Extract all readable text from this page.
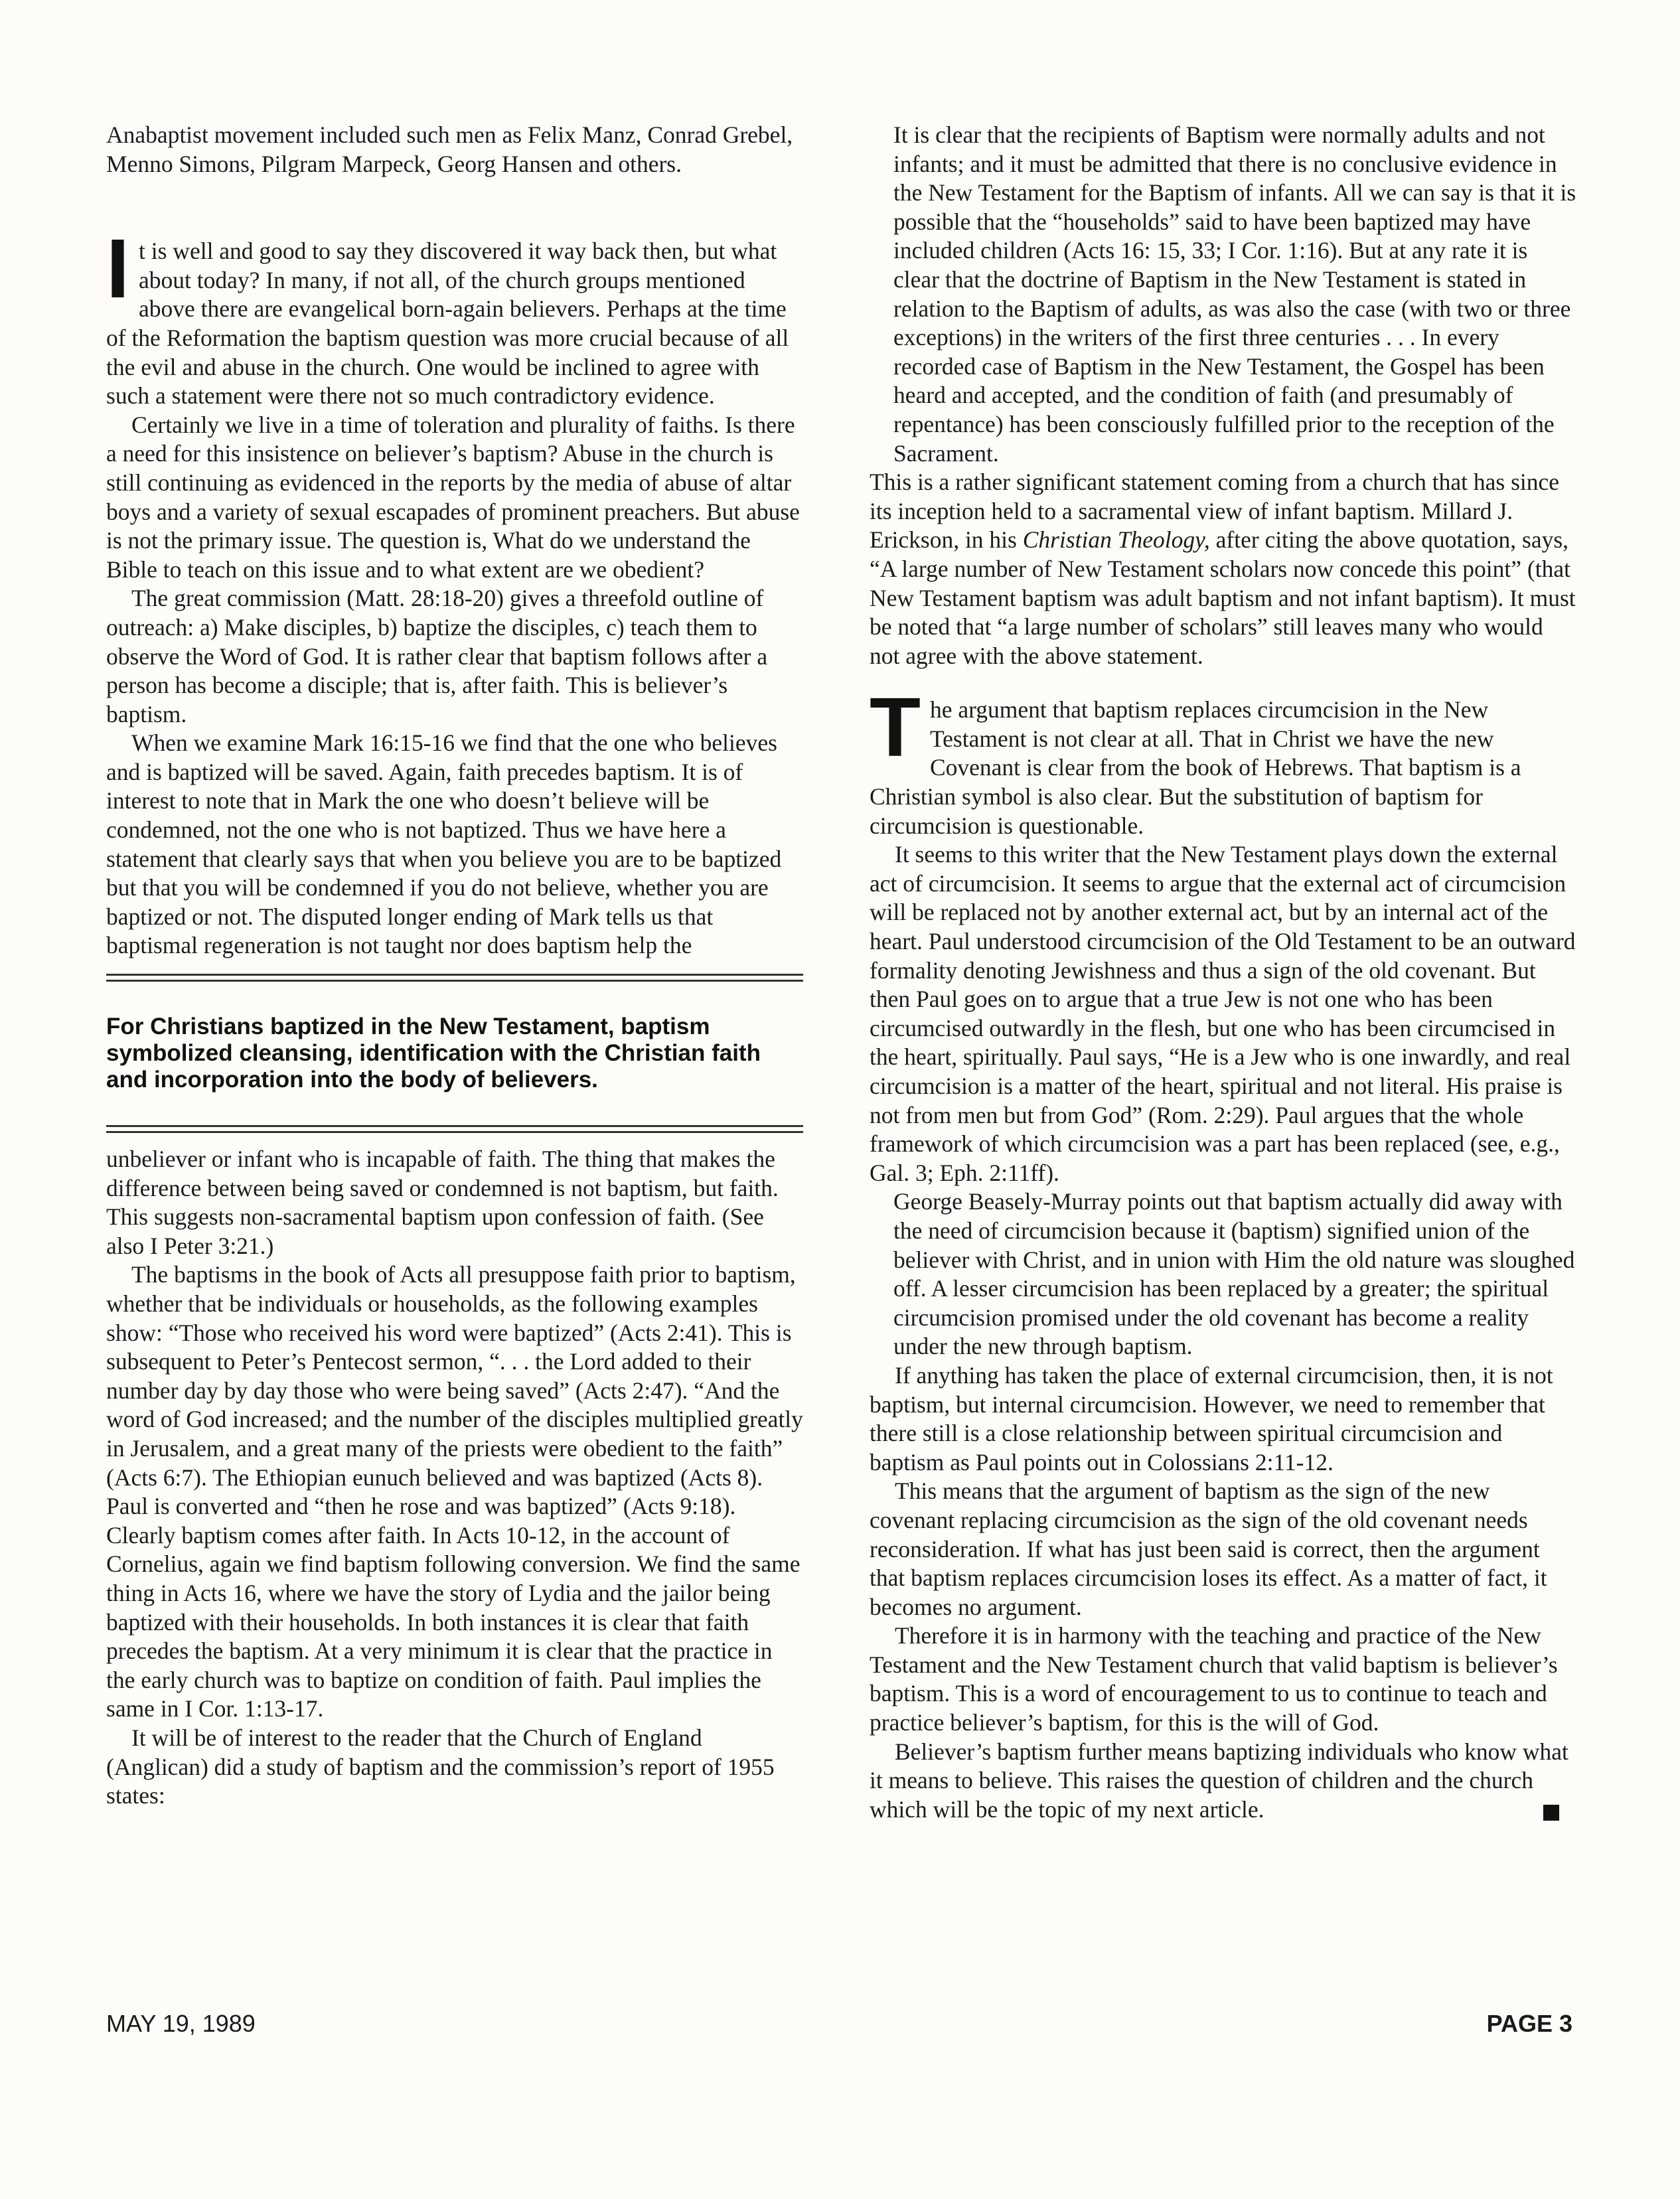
Anabaptist movement included such men as Felix Manz, Conrad Grebel, Menno Simons, Pilgram Marpeck, Georg Hansen and others.

It is well and good to say they discovered it way back then, but what about today? In many, if not all, of the church groups mentioned above there are evangelical born-again believers. Perhaps at the time of the Reformation the baptism question was more crucial because of all the evil and abuse in the church. One would be inclined to agree with such a statement were there not so much contradictory evidence.

Certainly we live in a time of toleration and plurality of faiths. Is there a need for this insistence on believer’s baptism? Abuse in the church is still continuing as evidenced in the reports by the media of abuse of altar boys and a variety of sexual escapades of prominent preachers. But abuse is not the primary issue. The question is, What do we understand the Bible to teach on this issue and to what extent are we obedient?

The great commission (Matt. 28:18-20) gives a threefold outline of outreach: a) Make disciples, b) baptize the disciples, c) teach them to observe the Word of God. It is rather clear that baptism follows after a person has become a disciple; that is, after faith. This is believer’s baptism.

When we examine Mark 16:15-16 we find that the one who believes and is baptized will be saved. Again, faith precedes baptism. It is of interest to note that in Mark the one who doesn’t believe will be condemned, not the one who is not baptized. Thus we have here a statement that clearly says that when you believe you are to be baptized but that you will be condemned if you do not believe, whether you are baptized or not. The disputed longer ending of Mark tells us that baptismal regeneration is not taught nor does baptism help the

For Christians baptized in the New Testament, baptism symbolized cleansing, identification with the Christian faith and incorporation into the body of believers.

unbeliever or infant who is incapable of faith. The thing that makes the difference between being saved or condemned is not baptism, but faith. This suggests non-sacramental baptism upon confession of faith. (See also I Peter 3:21.)

The baptisms in the book of Acts all presuppose faith prior to baptism, whether that be individuals or households, as the following examples show: “Those who received his word were baptized” (Acts 2:41). This is subsequent to Peter’s Pentecost sermon, “. . . the Lord added to their number day by day those who were being saved” (Acts 2:47). “And the word of God increased; and the number of the disciples multiplied greatly in Jerusalem, and a great many of the priests were obedient to the faith” (Acts 6:7). The Ethiopian eunuch believed and was baptized (Acts 8). Paul is converted and “then he rose and was baptized” (Acts 9:18). Clearly baptism comes after faith. In Acts 10-12, in the account of Cornelius, again we find baptism following conversion. We find the same thing in Acts 16, where we have the story of Lydia and the jailor being baptized with their households. In both instances it is clear that faith precedes the baptism. At a very minimum it is clear that the practice in the early church was to baptize on condition of faith. Paul implies the same in I Cor. 1:13-17.

It will be of interest to the reader that the Church of England (Anglican) did a study of baptism and the commission’s report of 1955 states:

It is clear that the recipients of Baptism were normally adults and not infants; and it must be admitted that there is no conclusive evidence in the New Testament for the Baptism of infants. All we can say is that it is possible that the “households” said to have been baptized may have included children (Acts 16: 15, 33; I Cor. 1:16). But at any rate it is clear that the doctrine of Baptism in the New Testament is stated in relation to the Baptism of adults, as was also the case (with two or three exceptions) in the writers of the first three centuries . . . In every recorded case of Baptism in the New Testament, the Gospel has been heard and accepted, and the condition of faith (and presumably of repentance) has been consciously fulfilled prior to the reception of the Sacrament.

This is a rather significant statement coming from a church that has since its inception held to a sacramental view of infant baptism. Millard J. Erickson, in his Christian Theology, after citing the above quotation, says, “A large number of New Testament scholars now concede this point” (that New Testament baptism was adult baptism and not infant baptism). It must be noted that “a large number of scholars” still leaves many who would not agree with the above statement.

The argument that baptism replaces circumcision in the New Testament is not clear at all. That in Christ we have the new Covenant is clear from the book of Hebrews. That baptism is a Christian symbol is also clear. But the substitution of baptism for circumcision is questionable.

It seems to this writer that the New Testament plays down the external act of circumcision. It seems to argue that the external act of circumcision will be replaced not by another external act, but by an internal act of the heart. Paul understood circumcision of the Old Testament to be an outward formality denoting Jewishness and thus a sign of the old covenant. But then Paul goes on to argue that a true Jew is not one who has been circumcised outwardly in the flesh, but one who has been circumcised in the heart, spiritually. Paul says, “He is a Jew who is one inwardly, and real circumcision is a matter of the heart, spiritual and not literal. His praise is not from men but from God” (Rom. 2:29). Paul argues that the whole framework of which circumcision was a part has been replaced (see, e.g., Gal. 3; Eph. 2:11ff).

George Beasely-Murray points out that baptism actually did away with the need of circumcision because it (baptism) signified union of the believer with Christ, and in union with Him the old nature was sloughed off. A lesser circumcision has been replaced by a greater; the spiritual circumcision promised under the old covenant has become a reality under the new through baptism.

If anything has taken the place of external circumcision, then, it is not baptism, but internal circumcision. However, we need to remember that there still is a close relationship between spiritual circumcision and baptism as Paul points out in Colossians 2:11-12.

This means that the argument of baptism as the sign of the new covenant replacing circumcision as the sign of the old covenant needs reconsideration. If what has just been said is correct, then the argument that baptism replaces circumcision loses its effect. As a matter of fact, it becomes no argument.

Therefore it is in harmony with the teaching and practice of the New Testament and the New Testament church that valid baptism is believer’s baptism. This is a word of encouragement to us to continue to teach and practice believer’s baptism, for this is the will of God.

Believer’s baptism further means baptizing individuals who know what it means to believe. This raises the question of children and the church which will be the topic of my next article.

MAY 19, 1989	PAGE 3
